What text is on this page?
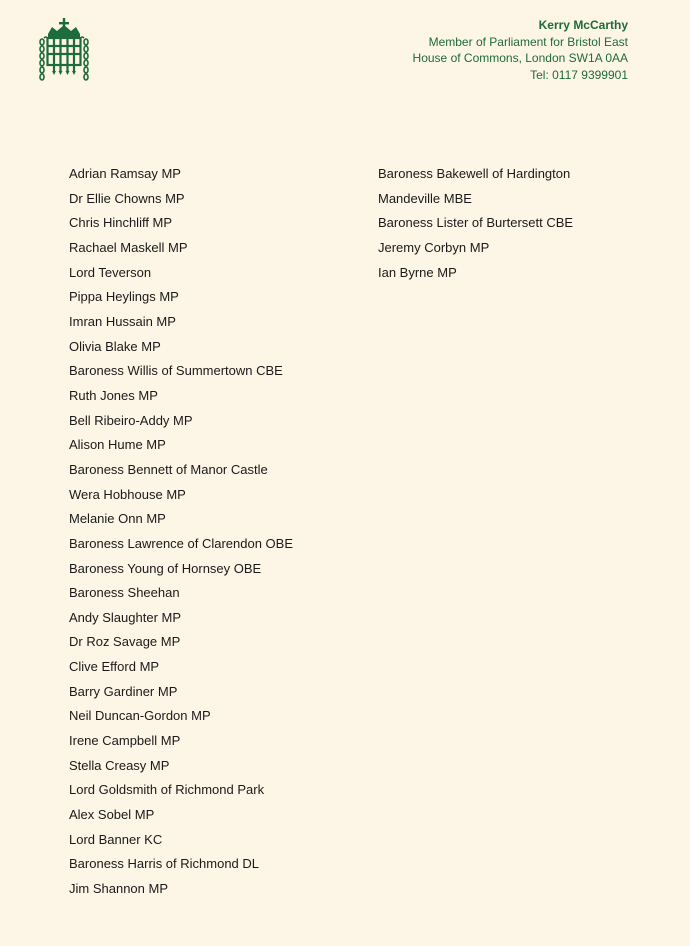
Kerry McCarthy
Member of Parliament for Bristol East
House of Commons, London SW1A 0AA
Tel: 0117 9399901
Adrian Ramsay MP
Dr Ellie Chowns MP
Chris Hinchliff MP
Rachael Maskell MP
Lord Teverson
Pippa Heylings MP
Imran Hussain MP
Olivia Blake MP
Baroness Willis of Summertown CBE
Ruth Jones MP
Bell Ribeiro-Addy MP
Alison Hume MP
Baroness Bennett of Manor Castle
Wera Hobhouse MP
Melanie Onn MP
Baroness Lawrence of Clarendon OBE
Baroness Young of Hornsey OBE
Baroness Sheehan
Andy Slaughter MP
Dr Roz Savage MP
Clive Efford MP
Barry Gardiner MP
Neil Duncan-Gordon MP
Irene Campbell MP
Stella Creasy MP
Lord Goldsmith of Richmond Park
Alex Sobel MP
Lord Banner KC
Baroness Harris of Richmond DL
Jim Shannon MP
Baroness Bakewell of Hardington
Mandeville MBE
Baroness Lister of Burtersett CBE
Jeremy Corbyn MP
Ian Byrne MP
